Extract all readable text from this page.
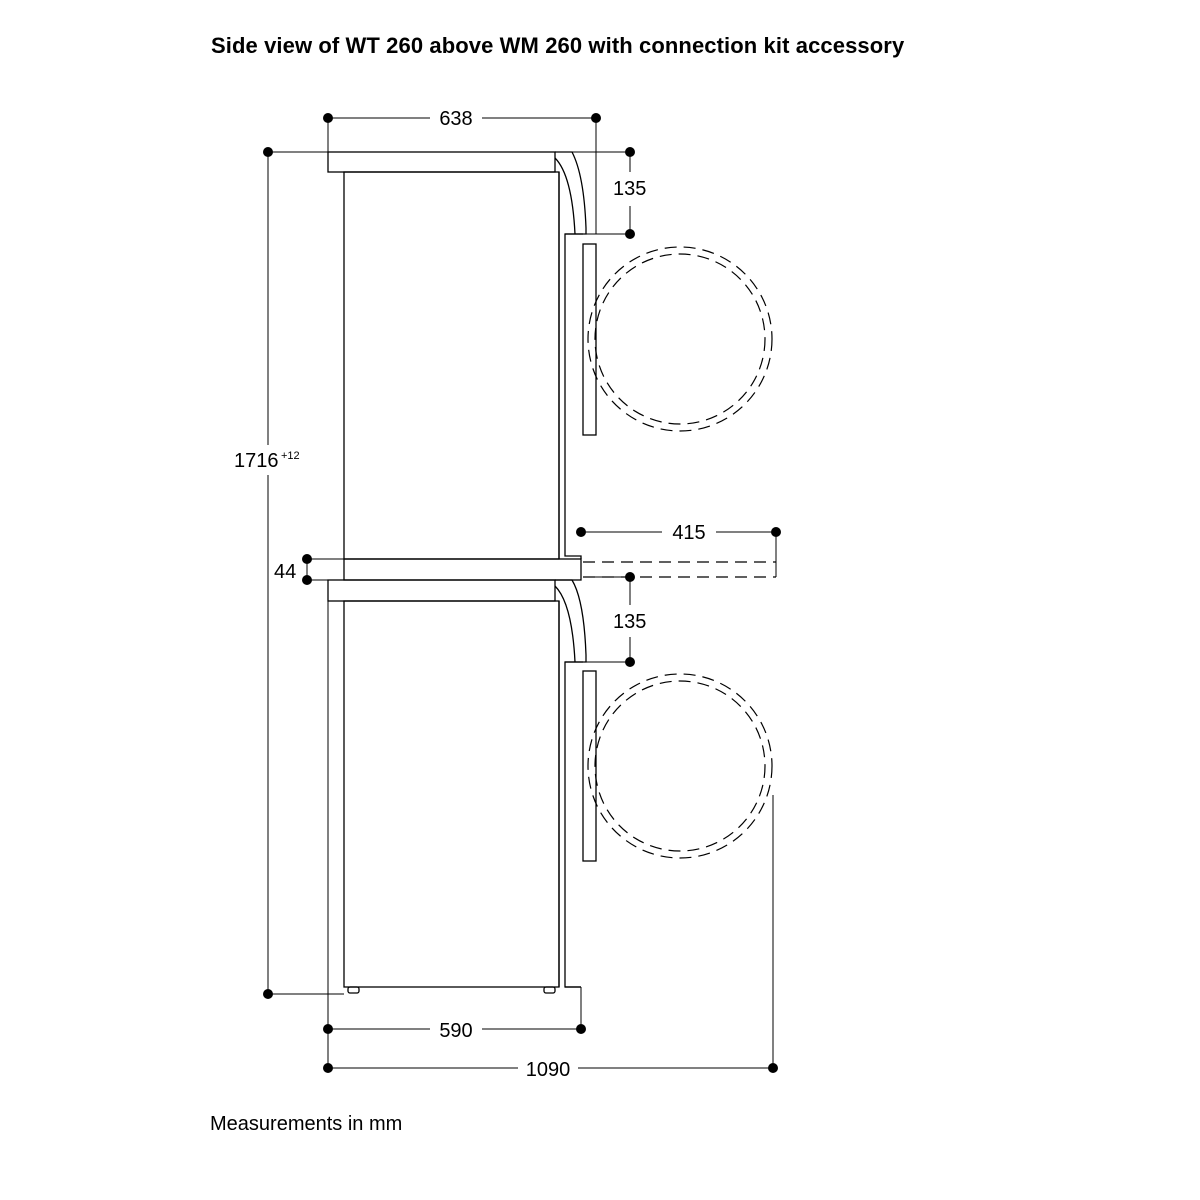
Side view of WT 260 above WM 260 with connection kit accessory
638
135
1716 +12
415
44
135
590
1090
Measurements in mm
